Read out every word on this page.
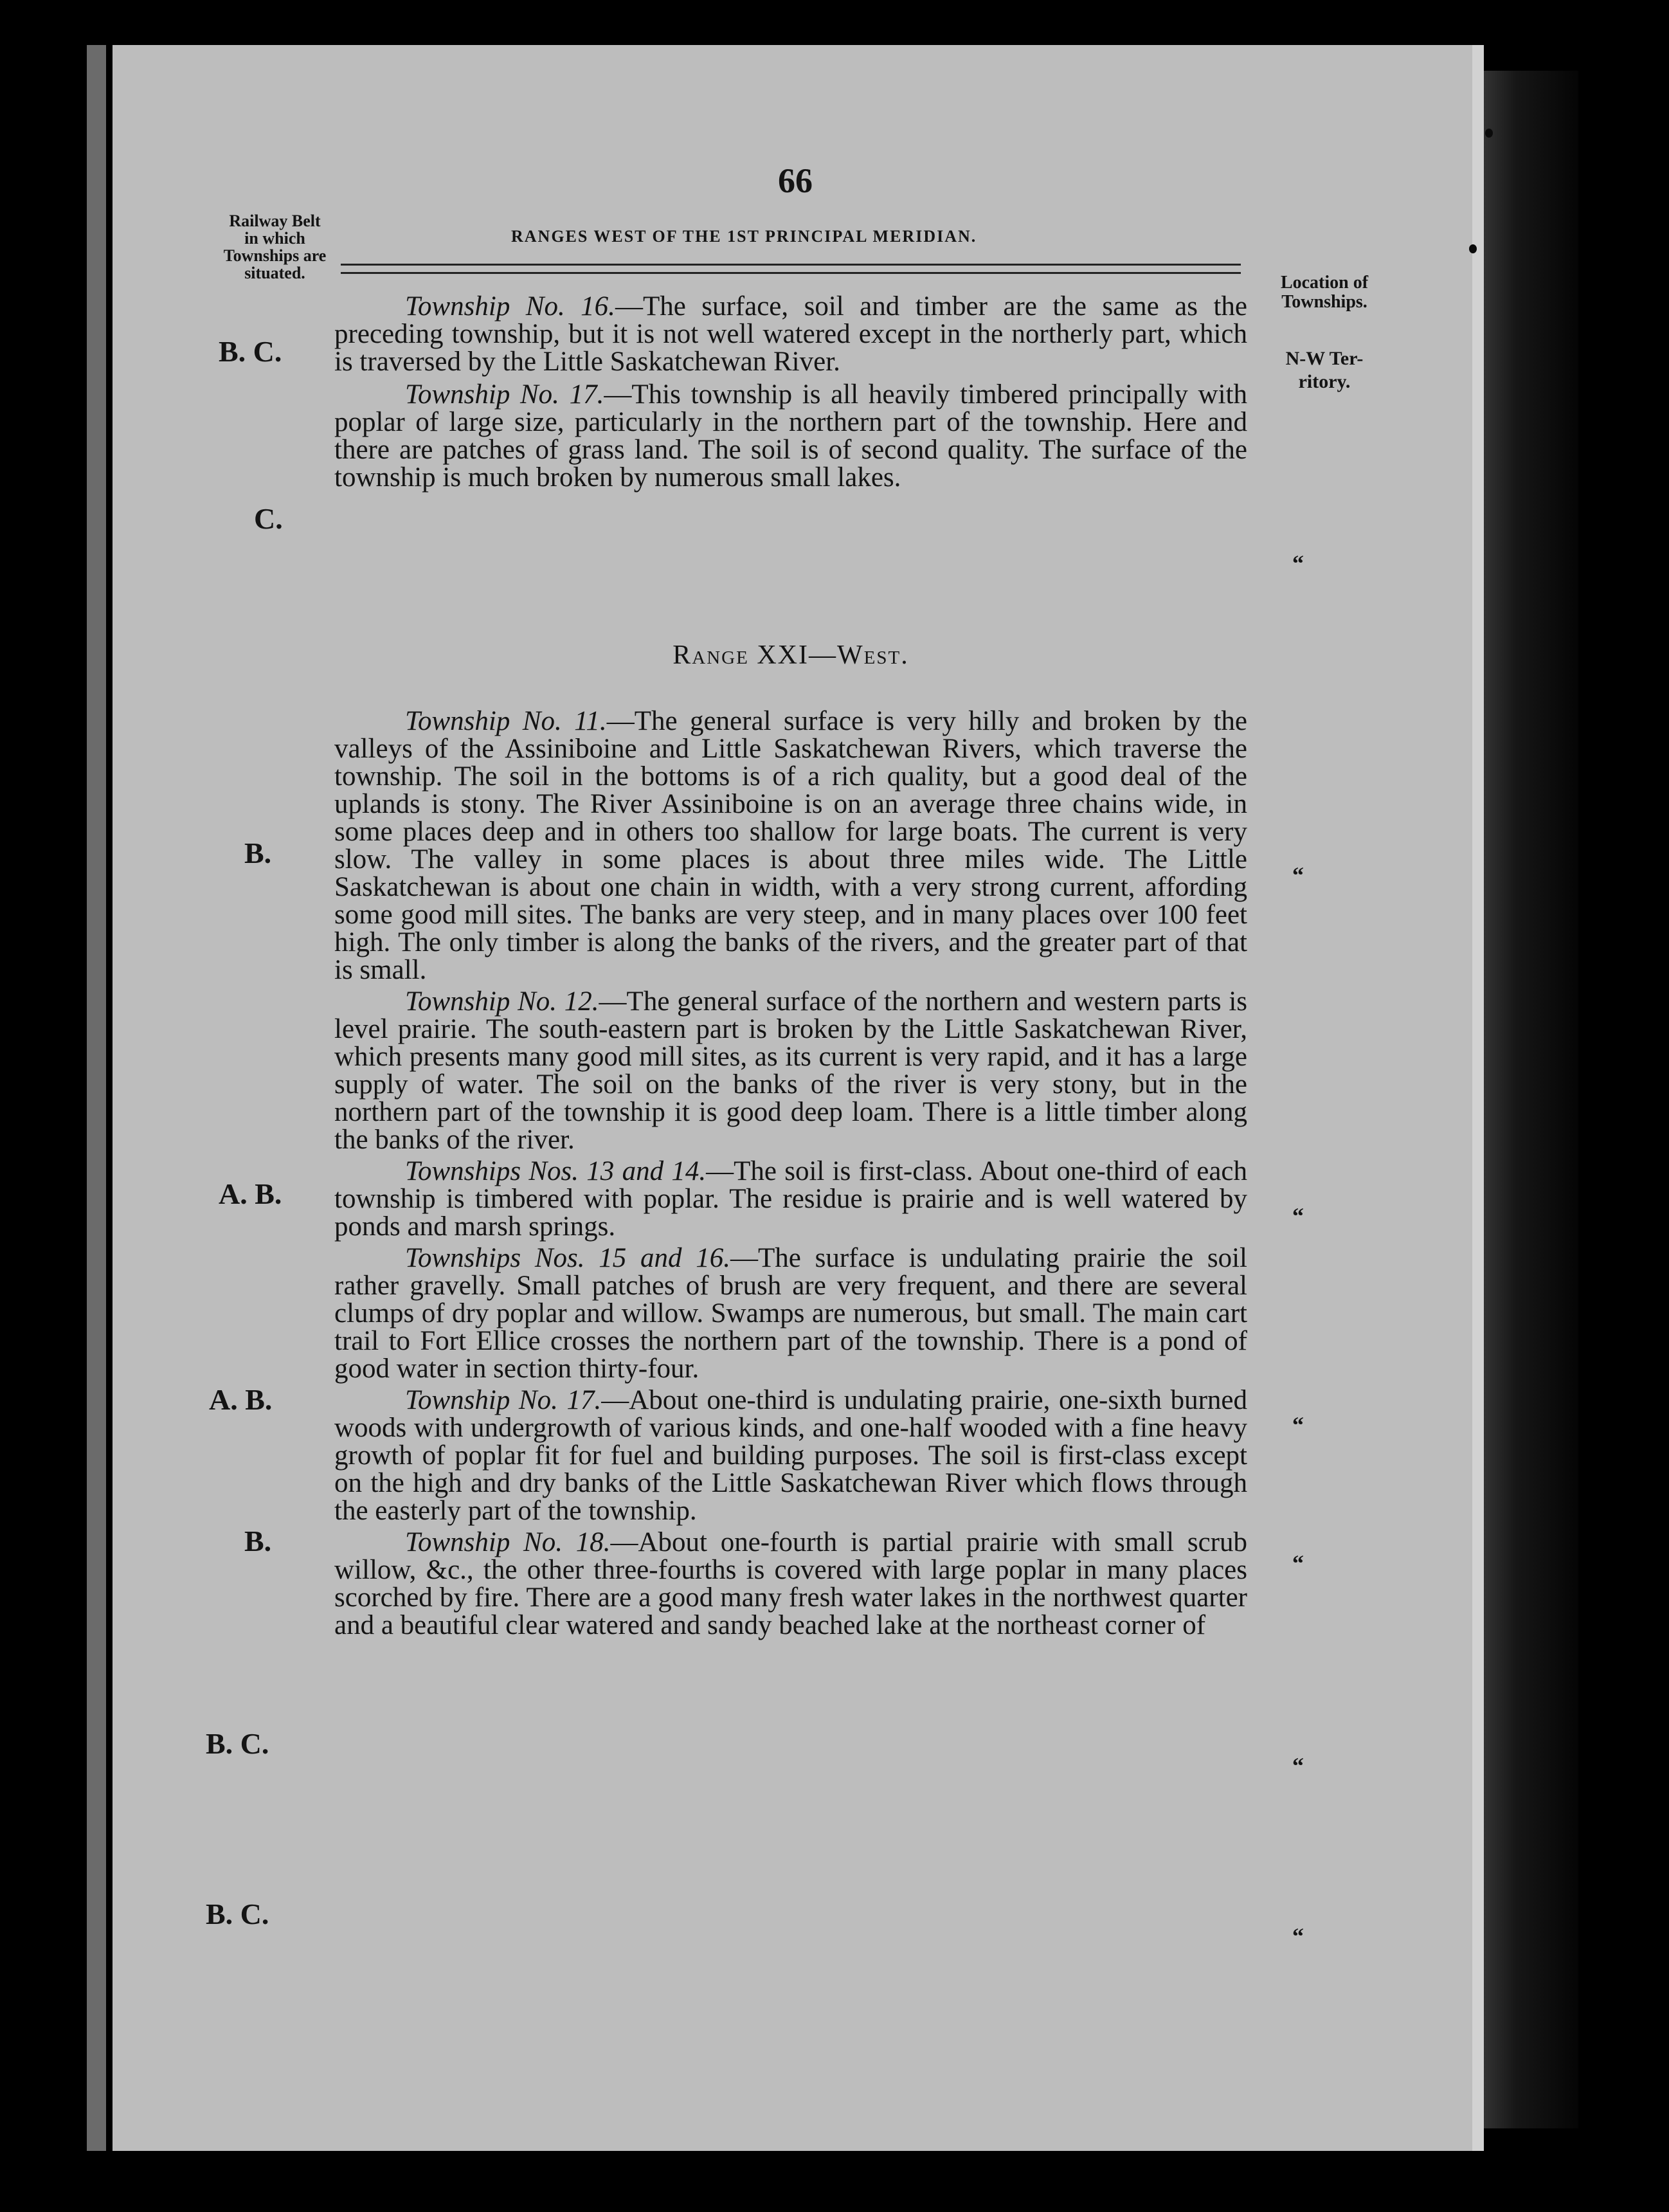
66
RANGES WEST OF THE 1ST PRINCIPAL MERIDIAN.
Railway Belt
in which
Townships are
situated.	Location of
Townships.
N-W Ter-
ritory.

Township No. 16.—The surface, soil and timber are the same as the preceding township, but it is not well watered except in the northerly part, which is traversed by the Little Saskatchewan River.

Township No. 17.—This township is all heavily timbered principally with poplar of large size, particularly in the northern part of the township. Here and there are patches of grass land. The soil is of second quality. The surface of the township is much broken by numerous small lakes.

B. C.
C.
“
Range XXI—West.

Township No. 11.—The general surface is very hilly and broken by the valleys of the Assiniboine and Little Saskatchewan Rivers, which traverse the township. The soil in the bottoms is of a rich quality, but a good deal of the uplands is stony. The River Assiniboine is on an average three chains wide, in some places deep and in others too shallow for large boats. The current is very slow. The valley in some places is about three miles wide. The Little Saskatchewan is about one chain in width, with a very strong current, affording some good mill sites. The banks are very steep, and in many places over 100 feet high. The only timber is along the banks of the rivers, and the greater part of that is small.

Township No. 12.—The general surface of the northern and western parts is level prairie. The south-eastern part is broken by the Little Saskatchewan River, which presents many good mill sites, as its current is very rapid, and it has a large supply of water. The soil on the banks of the river is very stony, but in the northern part of the township it is good deep loam. There is a little timber along the banks of the river.

Townships Nos. 13 and 14.—The soil is first-class. About one-third of each township is timbered with poplar. The residue is prairie and is well watered by ponds and marsh springs.

Townships Nos. 15 and 16.—The surface is undulating prairie the soil rather gravelly. Small patches of brush are very frequent, and there are several clumps of dry poplar and willow. Swamps are numerous, but small. The main cart trail to Fort Ellice crosses the northern part of the township. There is a pond of good water in section thirty-four.

Township No. 17.—About one-third is undulating prairie, one-sixth burned woods with undergrowth of various kinds, and one-half wooded with a fine heavy growth of poplar fit for fuel and building purposes. The soil is first-class except on the high and dry banks of the Little Saskatchewan River which flows through the easterly part of the township.

Township No. 18.—About one-fourth is partial prairie with small scrub willow, &c., the other three-fourths is covered with large poplar in many places scorched by fire. There are a good many fresh water lakes in the northwest quarter and a beautiful clear watered and sandy beached lake at the northeast corner of

B.
“
A. B.
“
A. B.
“
B.
“
B. C.
“
B. C.
“
